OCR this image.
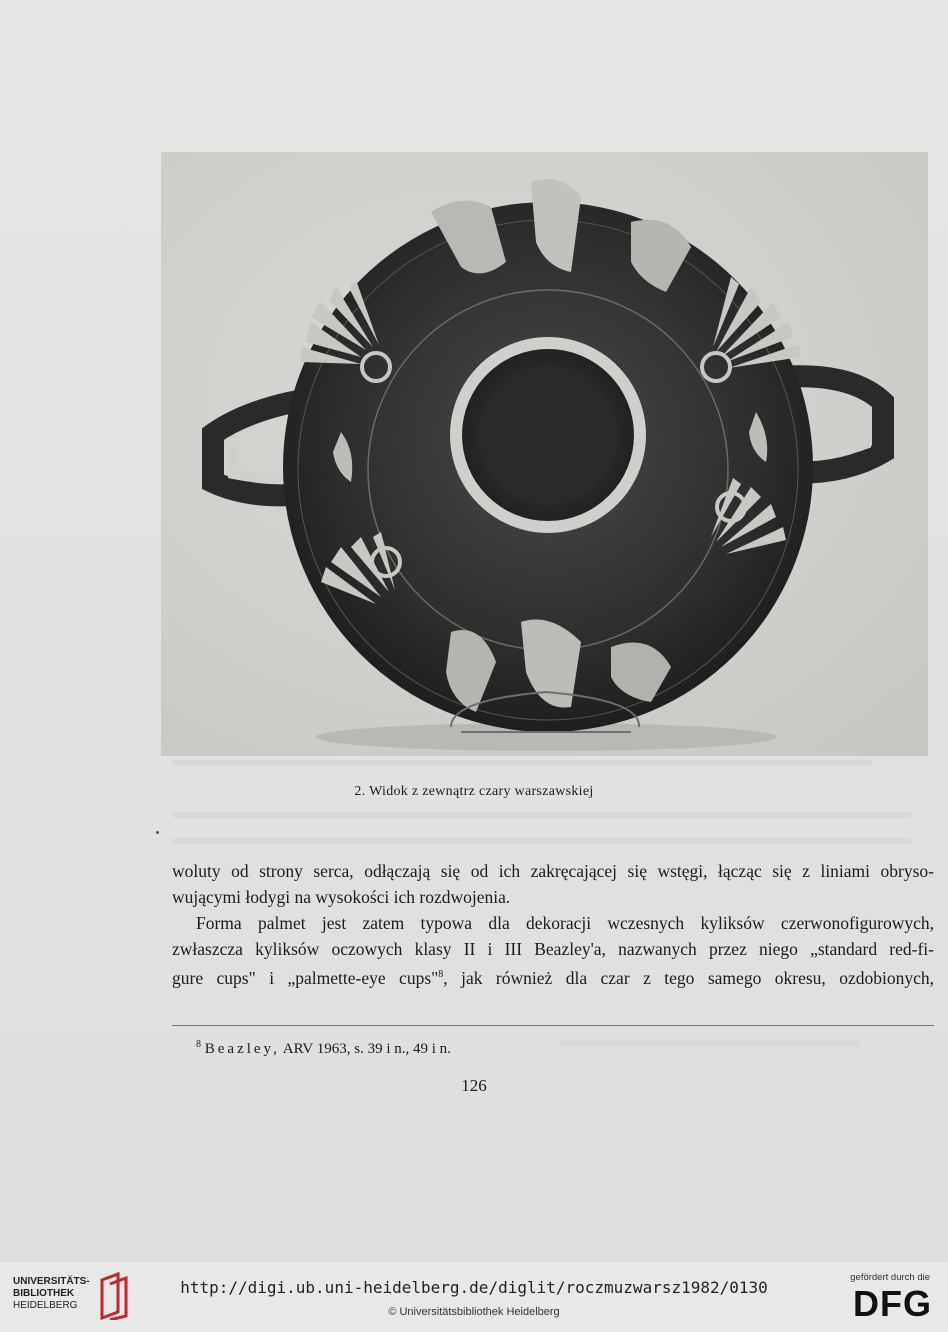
2. Widok z zewnątrz czary warszawskiej
woluty od strony serca, odłączają się od ich zakręcającej się wstęgi, łącząc się z liniami obryso-
wującymi łodygi na wysokości ich rozdwojenia.
Forma palmet jest zatem typowa dla dekoracji wczesnych kyliksów czerwonofigurowych,
zwłaszcza kyliksów oczowych klasy II i III Beazley'a, nazwanych przez niego „standard red-fi-
gure cups" i „palmette-eye cups"$^8$, jak również dla czar z tego samego okresu, ozdobionych,
$^8$ Beazley, ARV 1963, s. 39 i n., 49 i n.
126
UNIVERSITÄTS-
BIBLIOTHEK
HEIDELBERG
http://digi.ub.uni-heidelberg.de/diglit/roczmuzwarsz1982/0130
© Universitätsbibliothek Heidelberg
gefördert durch die
DFG
